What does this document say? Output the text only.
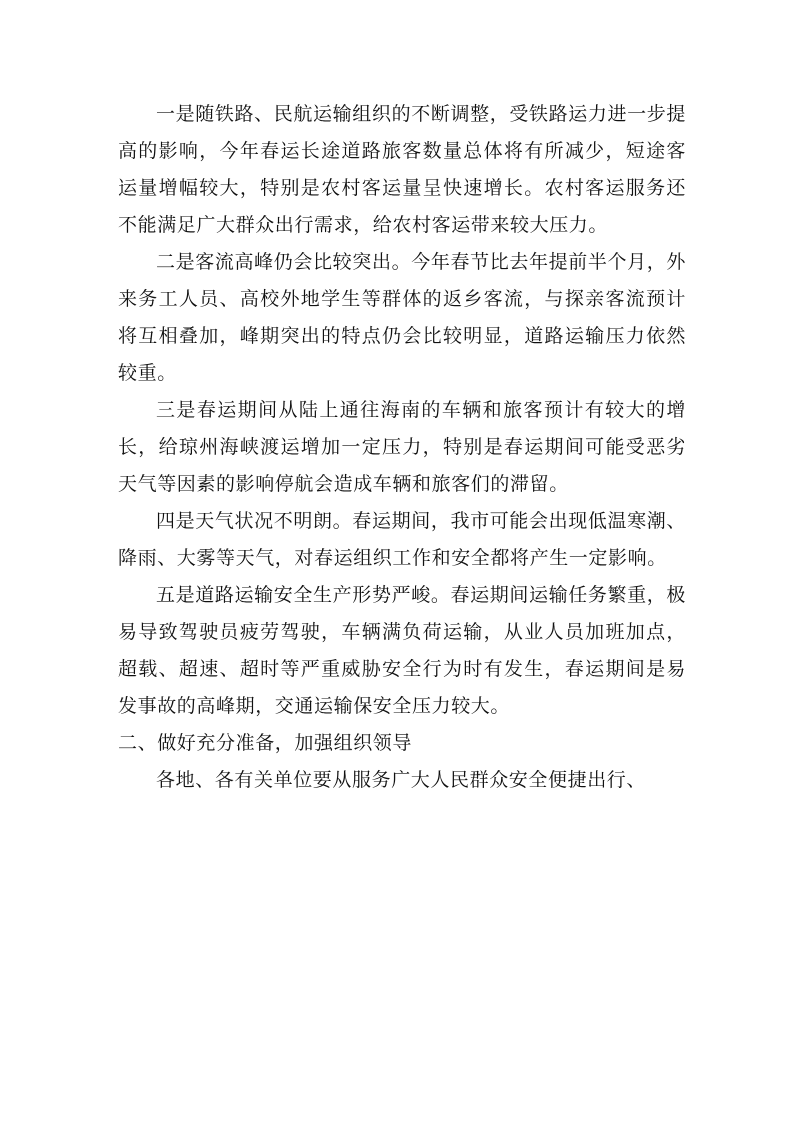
一是随铁路、民航运输组织的不断调整，受铁路运力进一步提高的影响，今年春运长途道路旅客数量总体将有所减少，短途客运量增幅较大，特别是农村客运量呈快速增长。农村客运服务还不能满足广大群众出行需求，给农村客运带来较大压力。

二是客流高峰仍会比较突出。今年春节比去年提前半个月，外来务工人员、高校外地学生等群体的返乡客流，与探亲客流预计将互相叠加，峰期突出的特点仍会比较明显，道路运输压力依然较重。

三是春运期间从陆上通往海南的车辆和旅客预计有较大的增长，给琼州海峡渡运增加一定压力，特别是春运期间可能受恶劣天气等因素的影响停航会造成车辆和旅客们的滞留。

四是天气状况不明朗。春运期间，我市可能会出现低温寒潮、降雨、大雾等天气，对春运组织工作和安全都将产生一定影响。

五是道路运输安全生产形势严峻。春运期间运输任务繁重，极易导致驾驶员疲劳驾驶，车辆满负荷运输，从业人员加班加点，超载、超速、超时等严重威胁安全行为时有发生，春运期间是易发事故的高峰期，交通运输保安全压力较大。

二、做好充分准备，加强组织领导

各地、各有关单位要从服务广大人民群众安全便捷出行、
